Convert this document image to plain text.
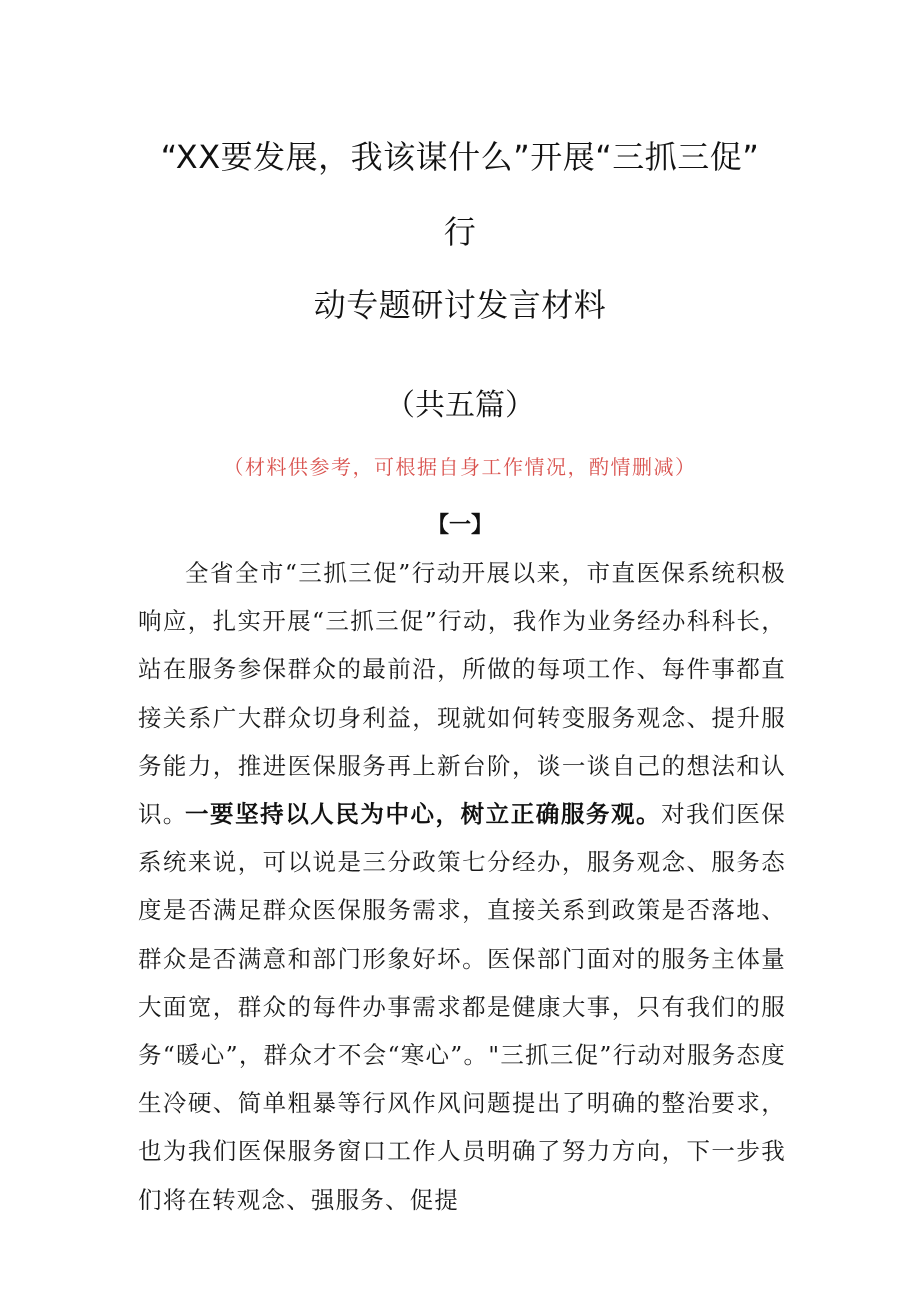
“XX要发展，我该谋什么”开展“三抓三促”
行
动专题研讨发言材料
（共五篇）
（材料供参考，可根据自身工作情况，酌情删减）
【一】

全省全市“三抓三促”行动开展以来，市直医保系统积极响应，扎实开展“三抓三促”行动，我作为业务经办科科长，站在服务参保群众的最前沿，所做的每项工作、每件事都直接关系广大群众切身利益，现就如何转变服务观念、提升服务能力，推进医保服务再上新台阶，谈一谈自己的想法和认识。

一要坚持以人民为中心，树立正确服务观。对我们医保系统来说，可以说是三分政策七分经办，服务观念、服务态度是否满足群众医保服务需求，直接关系到政策是否落地、群众是否满意和部门形象好坏。医保部门面对的服务主体量大面宽，群众的每件办事需求都是健康大事，只有我们的服务“暖心”，群众才不会“寒心”。"三抓三促”行动对服务态度生冷硬、简单粗暴等行风作风问题提出了明确的整治要求，也为我们医保服务窗口工作人员明确了努力方向，下一步我们将在转观念、强服务、促提
